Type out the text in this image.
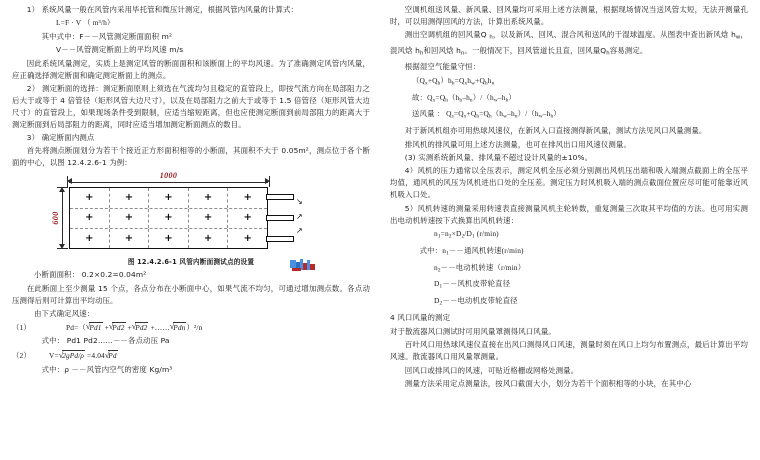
1） 系统风量一般在风管内采用毕托管和微压计测定，根据风管内风量的计算式：

L=F · V （ m³/h）

其中式中：F－－风管测定断面面积 m²

V－－风管测定断面上的平均风速 m/s

因此系统风量测定，实质上是测定风管的断面面积和该断面上的平均风速。为了准确测定风管内风量，应正确选择测定断面和确定测定断面上的测点。

2） 测定断面的选择：测定断面原则上须选在气流均匀且稳定的直管段上，即按气流方向在局部阻力之后大于或等于 4 倍管径（矩形风管大边尺寸），以及在局部阻力之前大于或等于 1.5 倍管径（矩形风管大边尺寸）的直管段上，如果现场条件受到限制，应适当缩短距离，但也应使测定断面到前局部阻力的距离大于测定断面到后局部阻力的距离，同时应适当增加测定断面测点的数目。

3） 确定断面内测点

首先将测点断面划分为若干个接近正方形面积相等的小断面，其面积不大于 0.05m²，测点位于各个断面的中心，以图 12.4.2.6-1 为例：

1000
600
+	+	+	+	+
+	+	+	+	+
+	+	+	+	+
↘
↗
↗

图 12.4.2.6-1 风管内断面测试点的设置

小断面面积： 0.2×0.2=0.04m²

在此断面上至少测量 15 个点，各点分布在小断面中心，如果气流不均匀，可通过增加测点数。各点动压测得后则可计算出平均动压。

由下式确定风速：

（1）	Pd=（ √ Pd1 + √ Pd2 + √ Pd2 +…… √ Pdn）²/n

式中： Pd1 Pd2……－－各点动压 Pa

（2） V= √ 2gPd/ρ =4.04 √ Pd

式中：ρ －－风管内空气的密度 Kg/m³

空调机组送风量、新风量、回风量均可采用上述方法测量，根据现场情况当送风管太短，无法开测量孔时，可以用测得回风的方法，计算出系统风量。

测出空调机组的回风量Q $_h$，以及新风、回风、混合风和送风的干湿球温度。从图表中查出新风焓 $h_w$，混风焓 $h_h$和回风焓 $h_n$。一般情况下，回风管道长且直，回风量$Q_h$容易测定。

根据湿空气能量守恒：

$(Q_x+Q_h)h_h=Q_xh_w+Q_hh_n$

故：$Q_x=Q_h(h_h-h_n)/(h_w-h_h)$

送风量 ： $Q_s=Q_x+Q_h=Q_h(h_w-h_n)/(h_w-h_h)$

对于新风机组亦可用热球风速仪，在新风入口直接测得新风量，测试方法见风口风量测量。

排风机的排风量可用上述方法测量，也可在排风出口用风速仪测量。

(3) 实测系统新风量、排风量不超过设计风量的±10%。

4）风机的压力通常以全压表示，测定风机全压必须分别测出风机压出端和吸入端测点截面上的全压平均值，通风机的风压为风机进出口处的全压差。测定压力时风机吸入端的测点截面位置应尽可能可能靠近风机吸入口处。

5）风机转速的测量采用转速表直接测量风机主轮转数，重复测量三次取其平均值的方法。也可用实测出电动机转速按下式换算出风机转速：

$n_1=n_2\times D_2/D_1$ (r/min)

式中：$n_1--$通风机转速(r/min)

$n_2--$电动机转速（r/min）

$D_1--$风机皮带轮直径

$D_2--$电动机皮带轮直径

4 风口风量的测定

对于散流器风口测试时可用风量罩测得风口风量。

百叶风口用热球风速仪直接在出风口测得风口风速，测量时须在风口上均匀布置测点，最后计算出平均风速。散流器风口用风量罩测量。

回风口或排风口的风速，可贴近格栅或网格处测量。

测量方法采用定点测量法，按风口截面大小，划分为若干个面积相等的小块，在其中心
